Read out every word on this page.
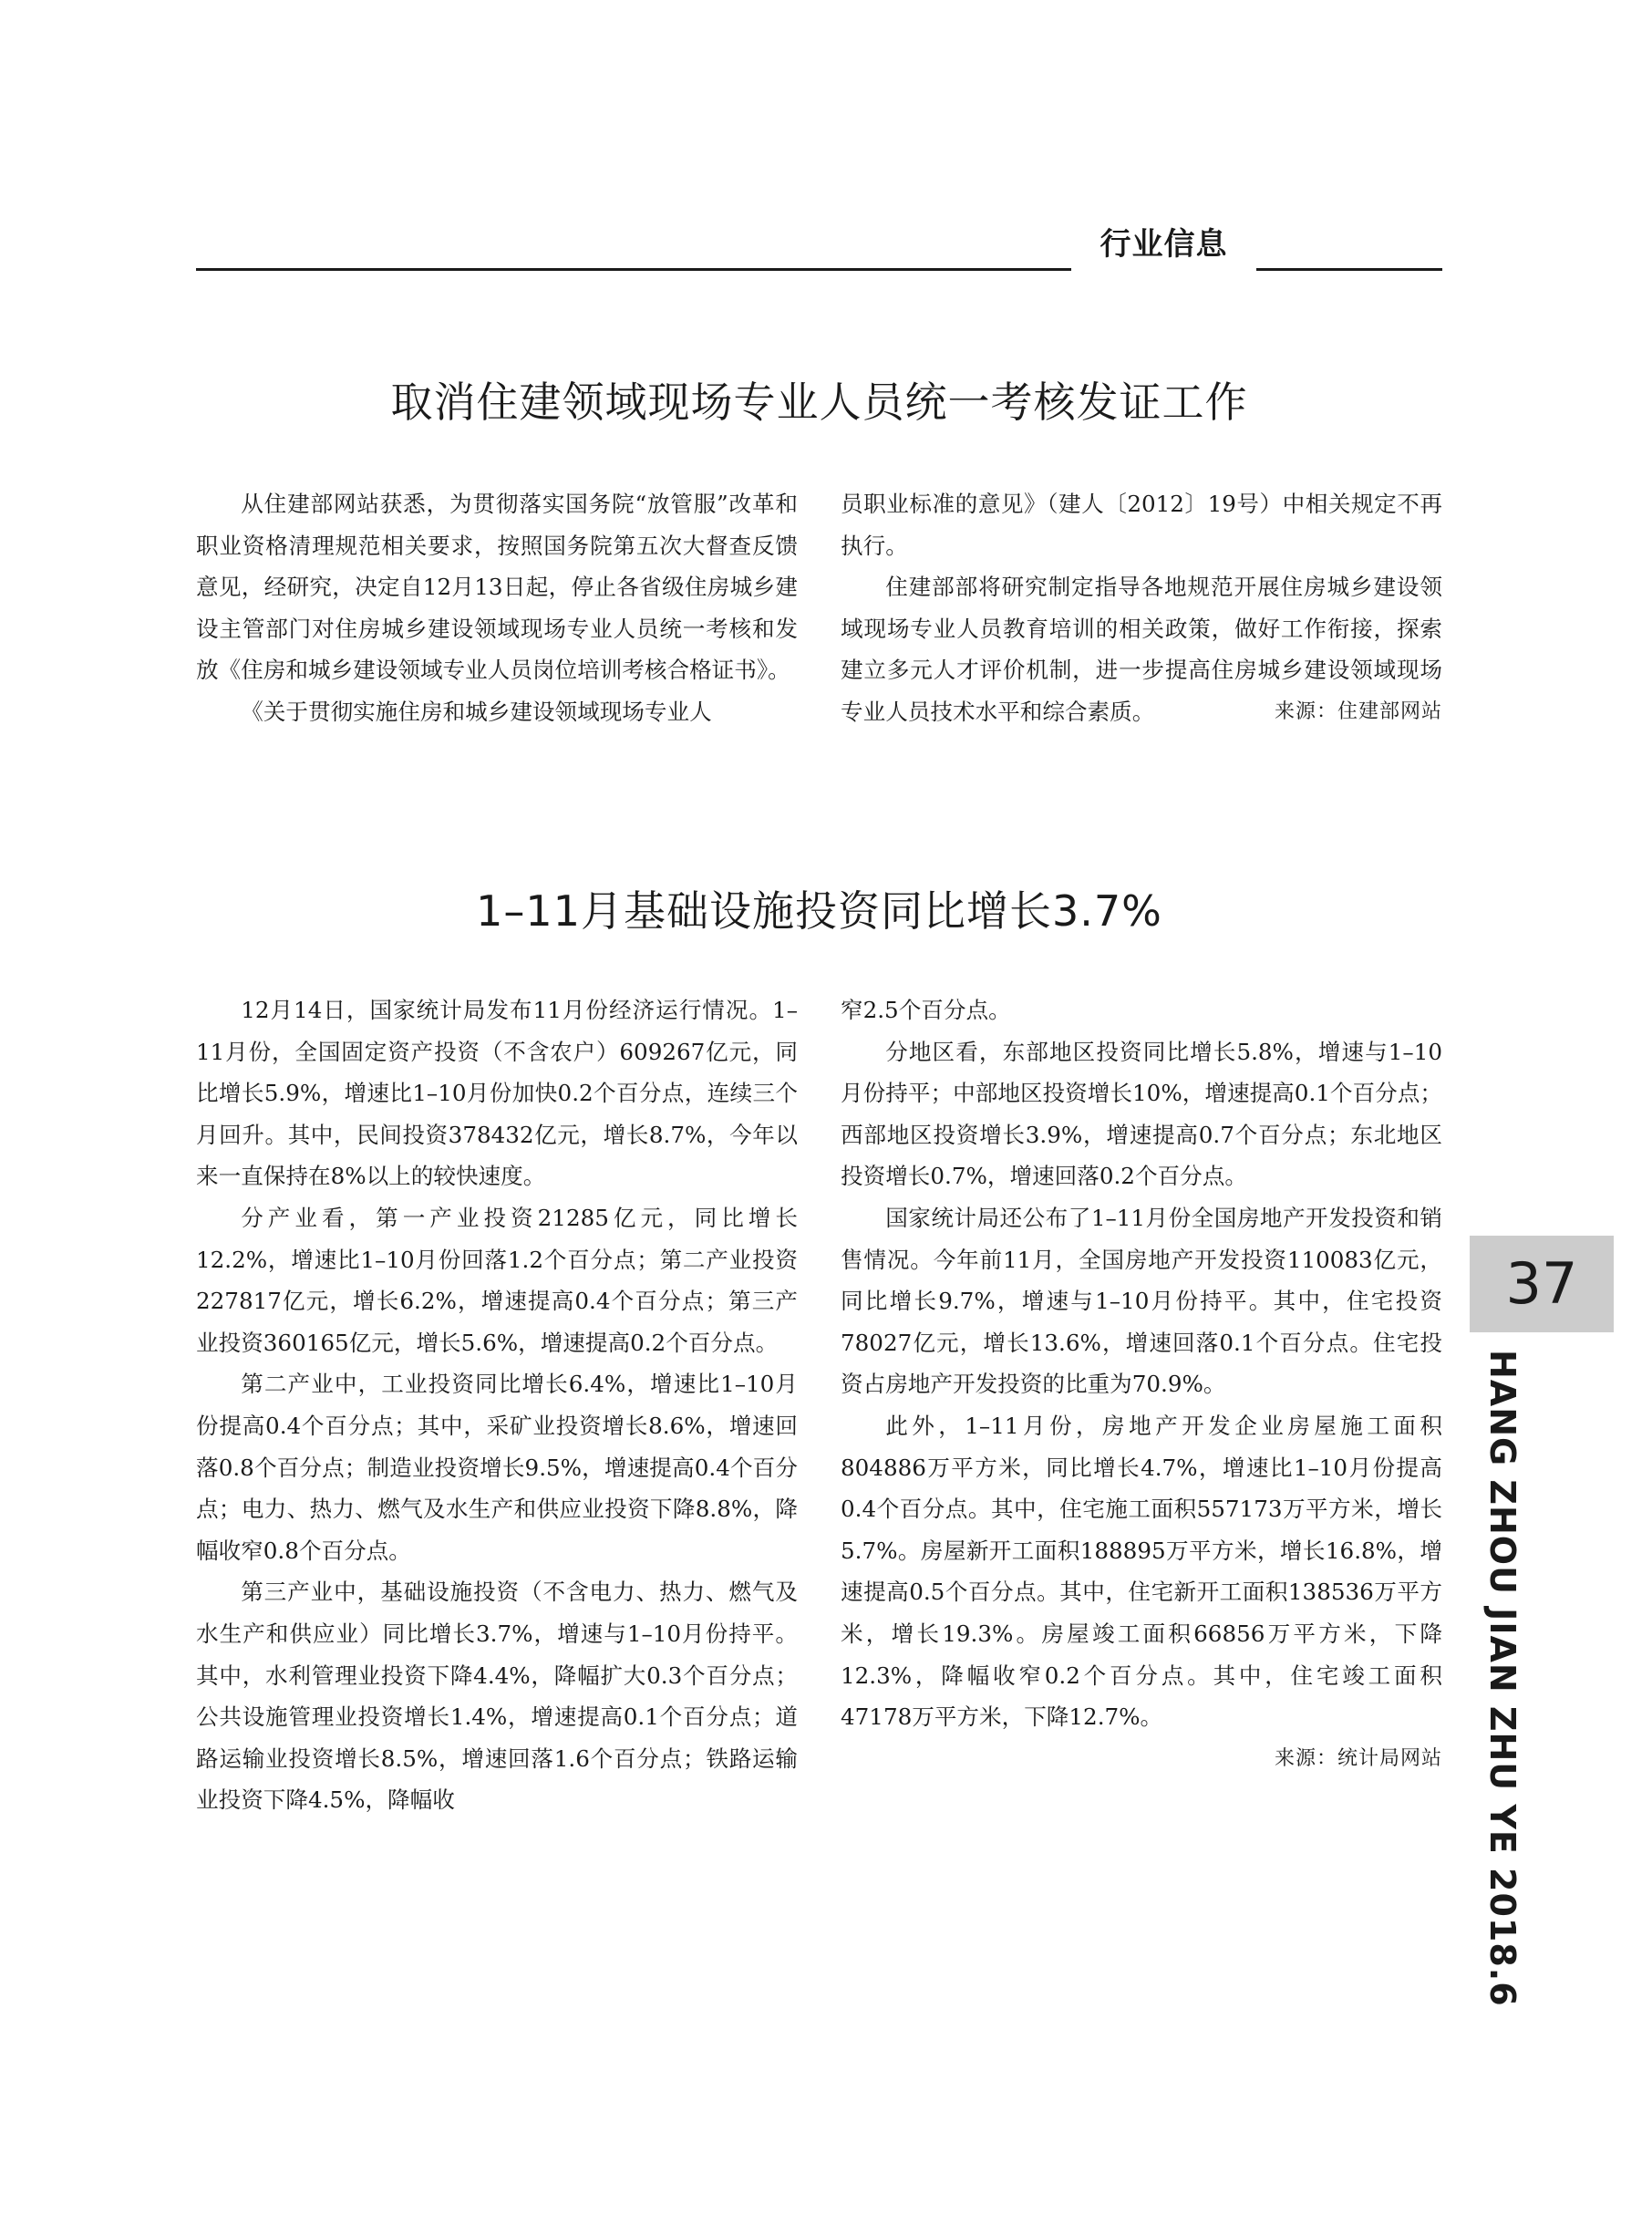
行业信息
取消住建领域现场专业人员统一考核发证工作

从住建部网站获悉，为贯彻落实国务院“放管服”改革和职业资格清理规范相关要求，按照国务院第五次大督查反馈意见，经研究，决定自12月13日起，停止各省级住房城乡建设主管部门对住房城乡建设领域现场专业人员统一考核和发放《住房和城乡建设领域专业人员岗位培训考核合格证书》。

《关于贯彻实施住房和城乡建设领域现场专业人

员职业标准的意见》（建人〔2012〕19号）中相关规定不再执行。

住建部部将研究制定指导各地规范开展住房城乡建设领域现场专业人员教育培训的相关政策，做好工作衔接，探索建立多元人才评价机制，进一步提高住房城乡建设领域现场专业人员技术水平和综合素质。	来源：住建部网站

1–11月基础设施投资同比增长3.7%

12月14日，国家统计局发布11月份经济运行情况。1–11月份，全国固定资产投资（不含农户）609267亿元，同比增长5.9%，增速比1–10月份加快0.2个百分点，连续三个月回升。其中，民间投资378432亿元，增长8.7%，今年以来一直保持在8%以上的较快速度。

分产业看，第一产业投资21285亿元，同比增长12.2%，增速比1–10月份回落1.2个百分点；第二产业投资227817亿元，增长6.2%，增速提高0.4个百分点；第三产业投资360165亿元，增长5.6%，增速提高0.2个百分点。

第二产业中，工业投资同比增长6.4%，增速比1–10月份提高0.4个百分点；其中，采矿业投资增长8.6%，增速回落0.8个百分点；制造业投资增长9.5%，增速提高0.4个百分点；电力、热力、燃气及水生产和供应业投资下降8.8%，降幅收窄0.8个百分点。

第三产业中，基础设施投资（不含电力、热力、燃气及水生产和供应业）同比增长3.7%，增速与1–10月份持平。其中，水利管理业投资下降4.4%，降幅扩大0.3个百分点；公共设施管理业投资增长1.4%，增速提高0.1个百分点；道路运输业投资增长8.5%，增速回落1.6个百分点；铁路运输业投资下降4.5%，降幅收

窄2.5个百分点。

分地区看，东部地区投资同比增长5.8%，增速与1–10月份持平；中部地区投资增长10%，增速提高0.1个百分点；西部地区投资增长3.9%，增速提高0.7个百分点；东北地区投资增长0.7%，增速回落0.2个百分点。

国家统计局还公布了1–11月份全国房地产开发投资和销售情况。今年前11月，全国房地产开发投资110083亿元，同比增长9.7%，增速与1–10月份持平。其中，住宅投资78027亿元，增长13.6%，增速回落0.1个百分点。住宅投资占房地产开发投资的比重为70.9%。

此外，1–11月份，房地产开发企业房屋施工面积804886万平方米，同比增长4.7%，增速比1–10月份提高0.4个百分点。其中，住宅施工面积557173万平方米，增长5.7%。房屋新开工面积188895万平方米，增长16.8%，增速提高0.5个百分点。其中，住宅新开工面积138536万平方米，增长19.3%。房屋竣工面积66856万平方米，下降12.3%，降幅收窄0.2个百分点。其中，住宅竣工面积47178万平方米，下降12.7%。

来源：统计局网站
37
HANG ZHOU JIAN ZHU YE 2018.6
